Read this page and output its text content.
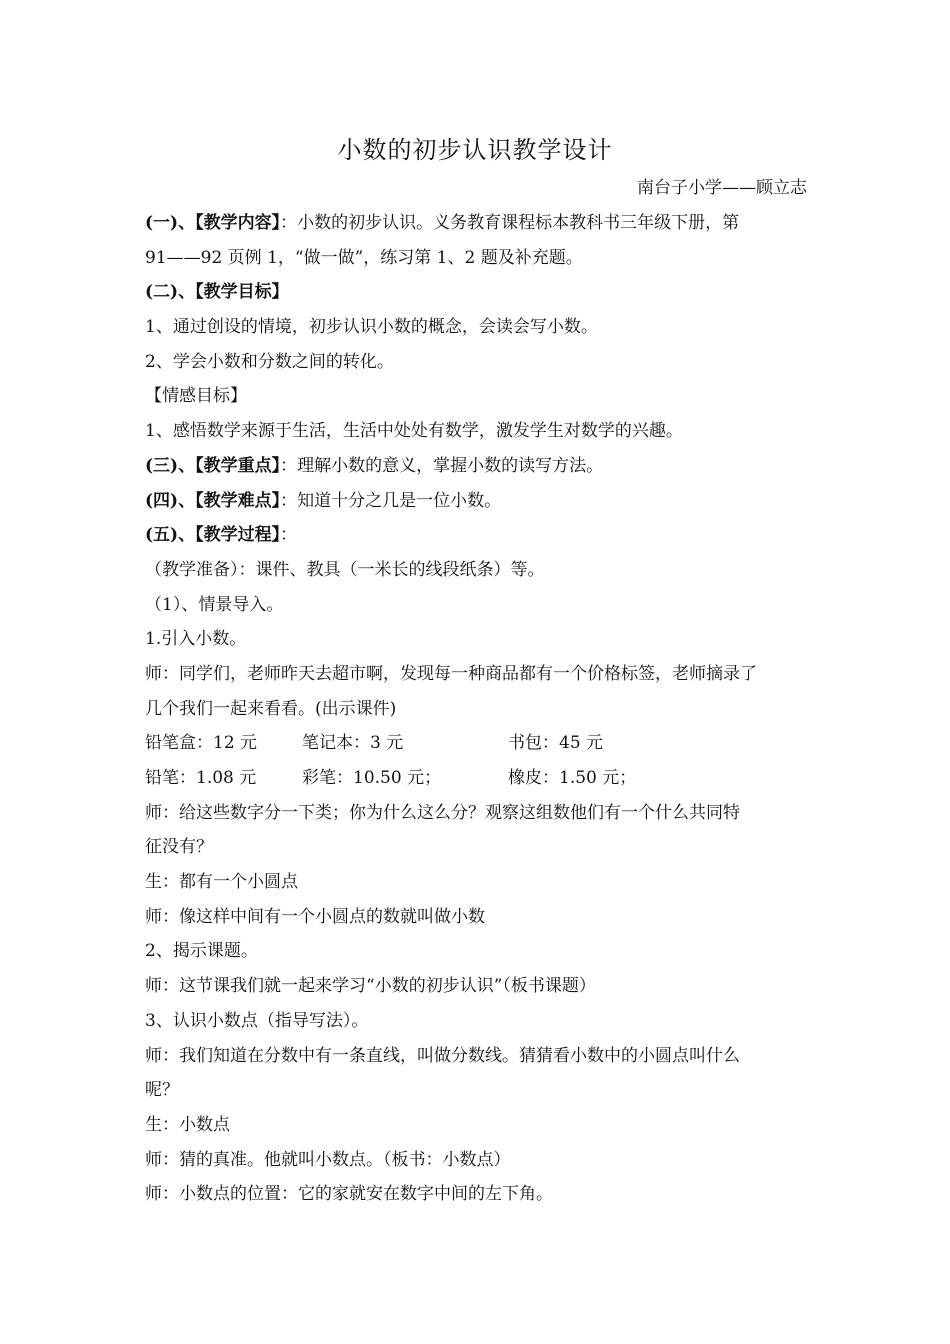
小数的初步认识教学设计
南台子小学——顾立志
(一)、【教学内容】：小数的初步认识。义务教育课程标本教科书三年级下册，第
91——92 页例 1，“做一做”，练习第 1、2 题及补充题。
(二)、【教学目标】
1、通过创设的情境，初步认识小数的概念，会读会写小数。
2、学会小数和分数之间的转化。
【情感目标】
1、感悟数学来源于生活，生活中处处有数学，激发学生对数学的兴趣。
(三)、【教学重点】：理解小数的意义，掌握小数的读写方法。
(四)、【教学难点】：知道十分之几是一位小数。
(五)、【教学过程】：
（教学准备）：课件、教具（一米长的线段纸条）等。
（1）、情景导入。
1.引入小数。
师：同学们，老师昨天去超市啊，发现每一种商品都有一个价格标签，老师摘录了
几个我们一起来看看。(出示课件)
铅笔盒：12 元	笔记本：3 元	书包：45 元
铅笔：1.08 元	彩笔：10.50 元；	橡皮：1.50 元；
师：给这些数字分一下类；你为什么这么分？观察这组数他们有一个什么共同特
征没有？
生：都有一个小圆点
师：像这样中间有一个小圆点的数就叫做小数
2、揭示课题。
师：这节课我们就一起来学习“小数的初步认识”（板书课题）
3、认识小数点（指导写法）。
师：我们知道在分数中有一条直线，叫做分数线。猜猜看小数中的小圆点叫什么
呢？
生：小数点
师：猜的真准。他就叫小数点。（板书：小数点）
师：小数点的位置：它的家就安在数字中间的左下角。
